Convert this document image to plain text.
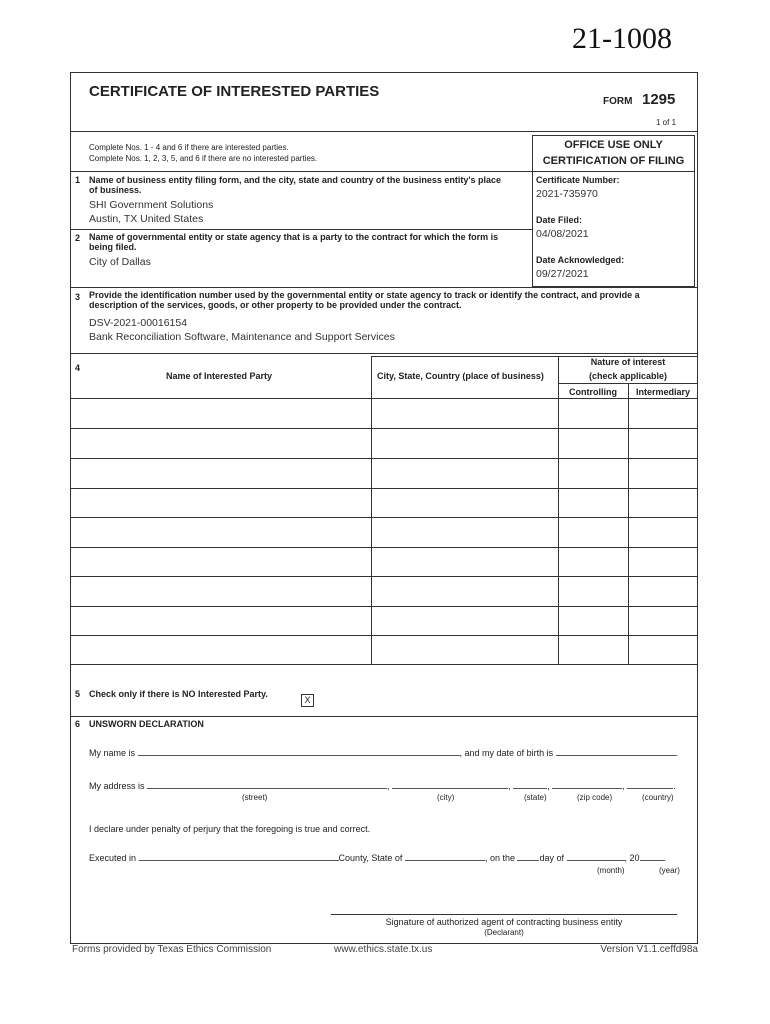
21-1008
CERTIFICATE OF INTERESTED PARTIES
FORM 1295
1 of 1
Complete Nos. 1 - 4 and 6 if there are interested parties.
Complete Nos. 1, 2, 3, 5, and 6 if there are no interested parties.
OFFICE USE ONLY
CERTIFICATION OF FILING
Certificate Number:
2021-735970
Date Filed:
04/08/2021
Date Acknowledged:
09/27/2021
1 Name of business entity filing form, and the city, state and country of the business entity's place
of business.
SHI Government Solutions
Austin, TX United States
2 Name of governmental entity or state agency that is a party to the contract for which the form is
being filed.
City of Dallas
3 Provide the identification number used by the governmental entity or state agency to track or identify the contract, and provide a
description of the services, goods, or other property to be provided under the contract.
DSV-2021-00016154
Bank Reconciliation Software, Maintenance and Support Services
4
Name of Interested Party	City, State, Country (place of business)
Nature of interest
(check applicable)
Controlling	Intermediary
5 Check only if there is NO Interested Party.
X
6 UNSWORN DECLARATION
My name is	, and my date of birth is	.
My address is	,	,	,	,	.
(street)	(city)	(state)	(zip code)	(country)
I declare under penalty of perjury that the foregoing is true and correct.
Executed in	County, State of	, on the	day of	, 20	.
(month)	(year)
Signature of authorized agent of contracting business entity
(Declarant)
Forms provided by Texas Ethics Commission	www.ethics.state.tx.us	Version V1.1.ceffd98a
